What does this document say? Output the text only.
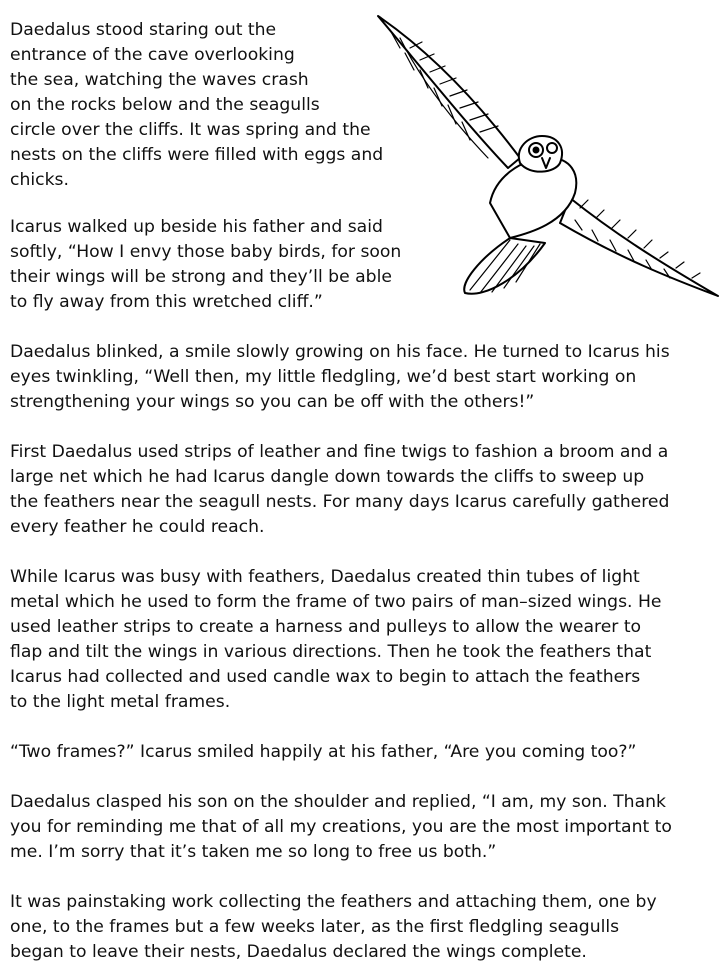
Daedalus stood staring out the
entrance of the cave overlooking
the sea, watching the waves crash
on the rocks below and the seagulls
circle over the cliffs. It was spring and the
nests on the cliffs were filled with eggs and
chicks.
Icarus walked up beside his father and said
softly, “How I envy those baby birds, for soon
their wings will be strong and they’ll be able
to fly away from this wretched cliff.”
Daedalus blinked, a smile slowly growing on his face. He turned to Icarus his
eyes twinkling, “Well then, my little fledgling, we’d best start working on
strengthening your wings so you can be off with the others!”
First Daedalus used strips of leather and fine twigs to fashion a broom and a
large net which he had Icarus dangle down towards the cliffs to sweep up
the feathers near the seagull nests. For many days Icarus carefully gathered
every feather he could reach.
While Icarus was busy with feathers, Daedalus created thin tubes of light
metal which he used to form the frame of two pairs of man–sized wings. He
used leather strips to create a harness and pulleys to allow the wearer to
flap and tilt the wings in various directions. Then he took the feathers that
Icarus had collected and used candle wax to begin to attach the feathers
to the light metal frames.
“Two frames?” Icarus smiled happily at his father, “Are you coming too?”
Daedalus clasped his son on the shoulder and replied, “I am, my son. Thank
you for reminding me that of all my creations, you are the most important to
me. I’m sorry that it’s taken me so long to free us both.”
It was painstaking work collecting the feathers and attaching them, one by
one, to the frames but a few weeks later, as the first fledgling seagulls
began to leave their nests, Daedalus declared the wings complete.
